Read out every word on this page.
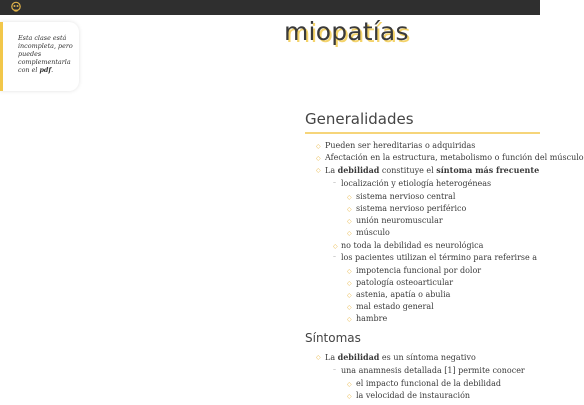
Esta clase está incompleta, pero puedes complementarla con el pdf.

miopatías
Generalidades
◇ Pueden ser hereditarias o adquiridas
◇ Afectación en la estructura, metabolismo o función del músculo
◇ La debilidad constituye el síntoma más frecuente
– localización y etiología heterogéneas
◇ sistema nervioso central
◇ sistema nervioso periférico
◇ unión neuromuscular
◇ músculo
◇ no toda la debilidad es neurológica
– los pacientes utilizan el término para referirse a
◇ impotencia funcional por dolor
◇ patología osteoarticular
◇ astenia, apatía o abulia
◇ mal estado general
◇ hambre
Síntomas
◇ La debilidad es un síntoma negativo
– una anamnesis detallada [1] permite conocer
◇ el impacto funcional de la debilidad
◇ la velocidad de instauración
